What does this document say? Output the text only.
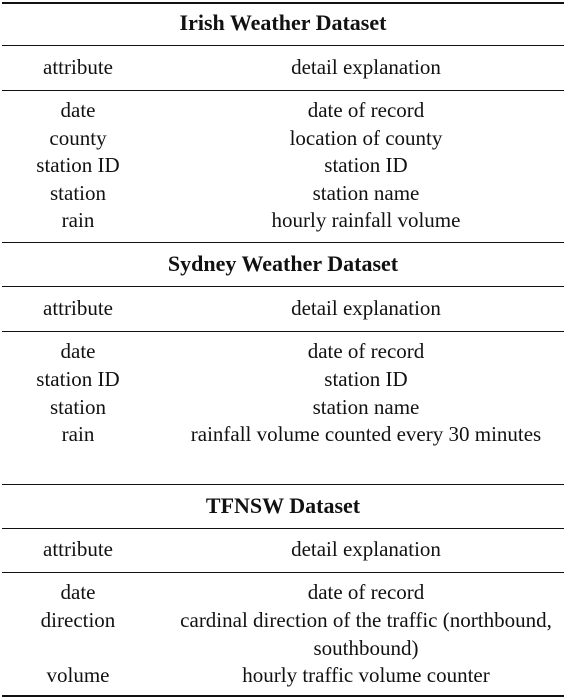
Irish Weather Dataset
attribute	detail explanation
date	date of record
county	location of county
station ID	station ID
station	station name
rain	hourly rainfall volume
Sydney Weather Dataset
attribute	detail explanation
date	date of record
station ID	station ID
station	station name
rain	rainfall volume counted every 30 minutes
TFNSW Dataset
attribute	detail explanation
date	date of record
direction	cardinal direction of the traffic (northbound, southbound)
volume	hourly traffic volume counter
